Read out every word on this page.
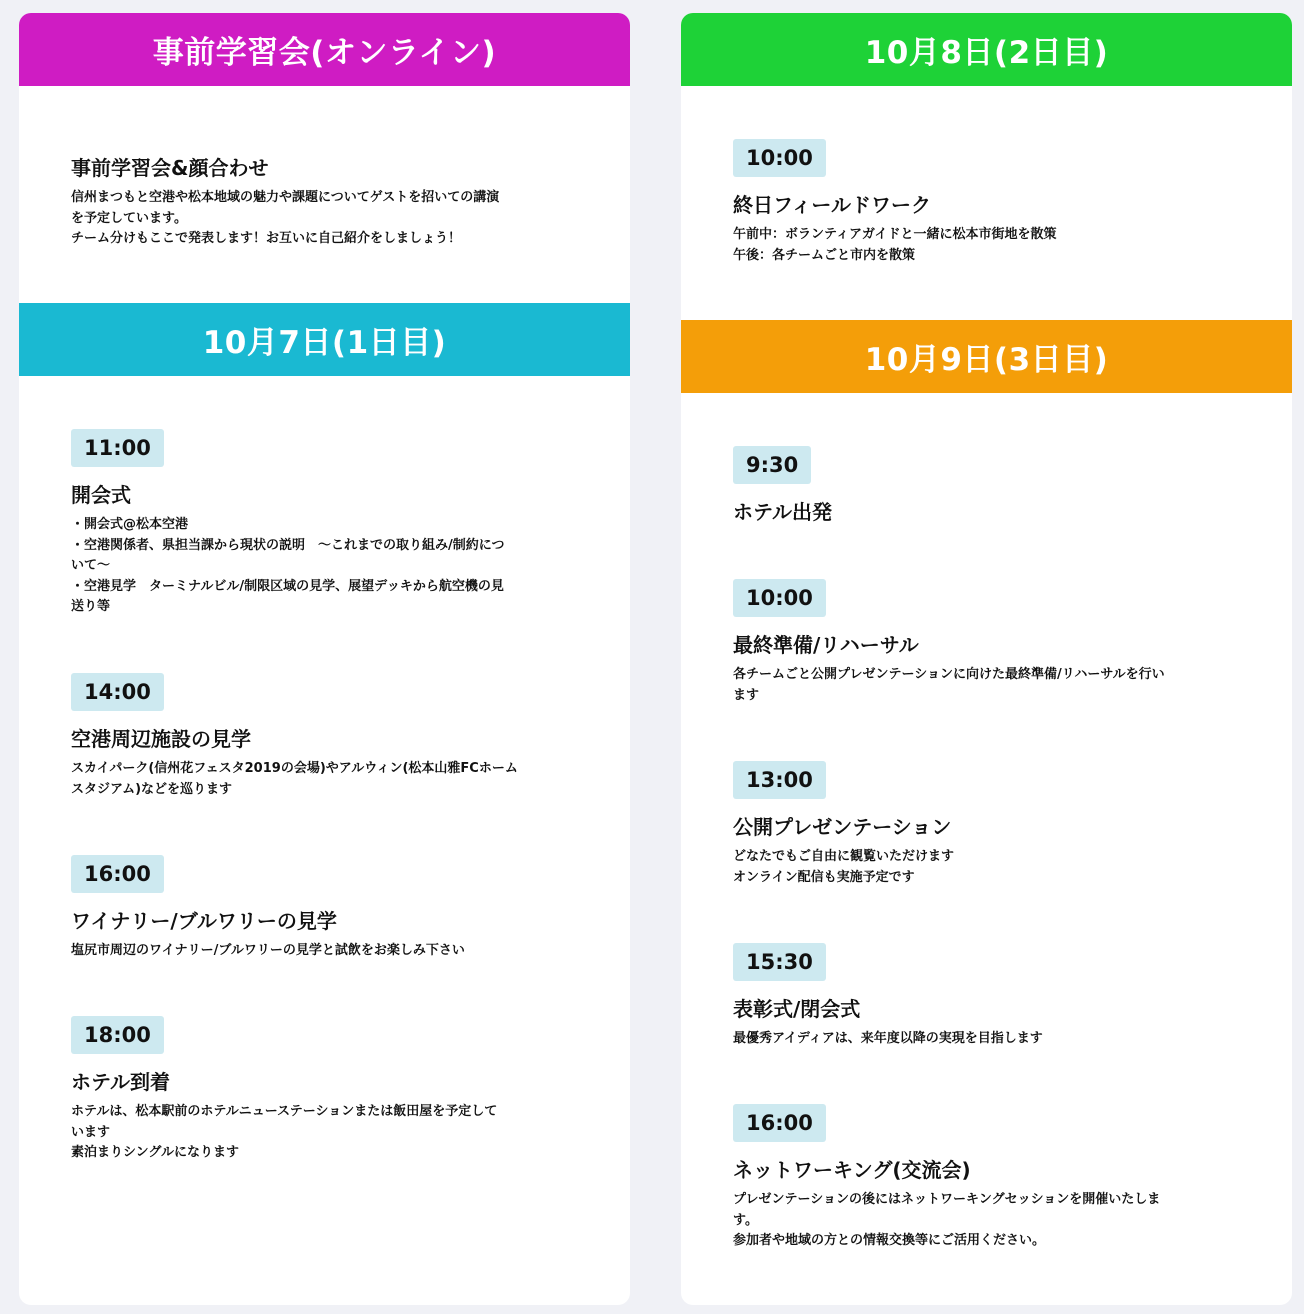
事前学習会(オンライン)
事前学習会&顔合わせ
信州まつもと空港や松本地域の魅力や課題についてゲストを招いての講演
を予定しています。
チーム分けもここで発表します！お互いに自己紹介をしましょう！
10月7日(1日目)
11:00
開会式
・開会式@松本空港
・空港関係者、県担当課から現状の説明　～これまでの取り組み/制約につ
いて～
・空港見学　ターミナルビル/制限区域の見学、展望デッキから航空機の見
送り等
14:00
空港周辺施設の見学
スカイパーク(信州花フェスタ2019の会場)やアルウィン(松本山雅FCホーム
スタジアム)などを巡ります
16:00
ワイナリー/ブルワリーの見学
塩尻市周辺のワイナリー/ブルワリーの見学と試飲をお楽しみ下さい
18:00
ホテル到着
ホテルは、松本駅前のホテルニューステーションまたは飯田屋を予定して
います
素泊まりシングルになります
10月8日(2日目)
10:00
終日フィールドワーク
午前中：ボランティアガイドと一緒に松本市街地を散策
午後：各チームごと市内を散策
10月9日(3日目)
9:30
ホテル出発
10:00
最終準備/リハーサル
各チームごと公開プレゼンテーションに向けた最終準備/リハーサルを行い
ます
13:00
公開プレゼンテーション
どなたでもご自由に観覧いただけます
オンライン配信も実施予定です
15:30
表彰式/閉会式
最優秀アイディアは、来年度以降の実現を目指します
16:00
ネットワーキング(交流会)
プレゼンテーションの後にはネットワーキングセッションを開催いたしま
す。
参加者や地域の方との情報交換等にご活用ください。
